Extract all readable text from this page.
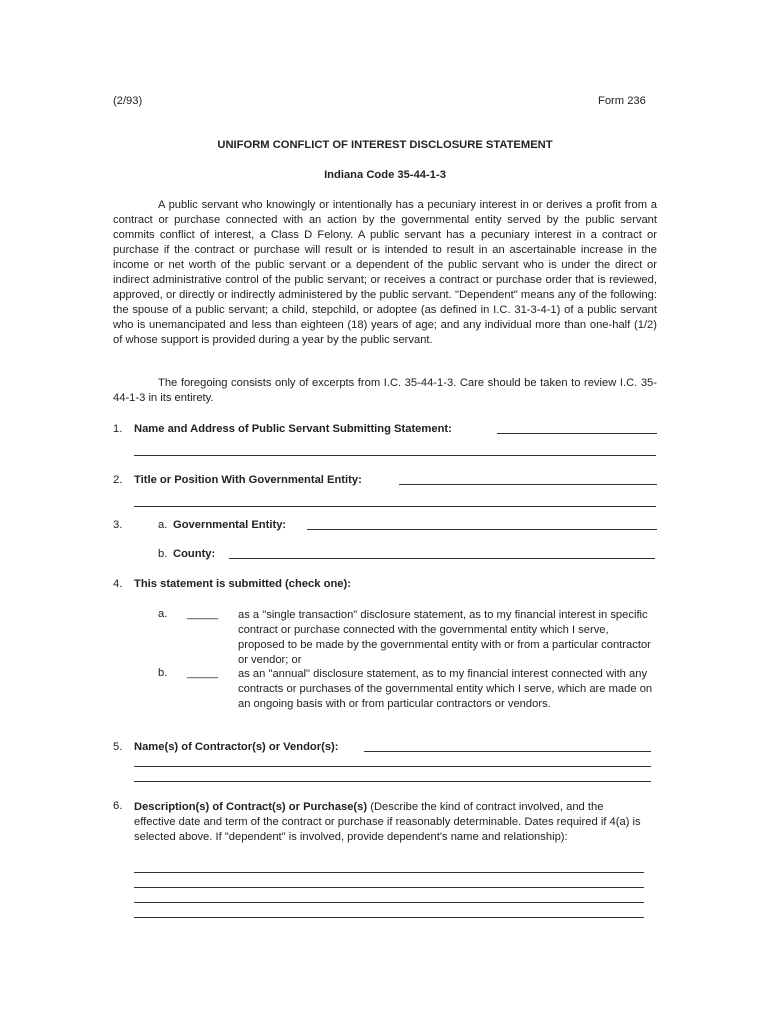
(2/93)	Form 236
UNIFORM CONFLICT OF INTEREST DISCLOSURE STATEMENT
Indiana Code 35-44-1-3

A public servant who knowingly or intentionally has a pecuniary interest in or derives a profit from a contract or purchase connected with an action by the governmental entity served by the public servant commits conflict of interest, a Class D Felony. A public servant has a pecuniary interest in a contract or purchase if the contract or purchase will result or is intended to result in an ascertainable increase in the income or net worth of the public servant or a dependent of the public servant who is under the direct or indirect administrative control of the public servant; or receives a contract or purchase order that is reviewed, approved, or directly or indirectly administered by the public servant. "Dependent" means any of the following: the spouse of a public servant; a child, stepchild, or adoptee (as defined in I.C. 31-3-4-1) of a public servant who is unemancipated and less than eighteen (18) years of age; and any individual more than one-half (1/2) of whose support is provided during a year by the public servant.

The foregoing consists only of excerpts from I.C. 35-44-1-3. Care should be taken to review I.C. 35-44-1-3 in its entirety.

1. Name and Address of Public Servant Submitting Statement:
2. Title or Position With Governmental Entity:
3.	a. Governmental Entity:
b. County:
4. This statement is submitted (check one):
a. _____ as a "single transaction" disclosure statement, as to my financial interest in specific contract or purchase connected with the governmental entity which I serve, proposed to be made by the governmental entity with or from a particular contractor or vendor; or
b. _____ as an "annual" disclosure statement, as to my financial interest connected with any contracts or purchases of the governmental entity which I serve, which are made on an ongoing basis with or from particular contractors or vendors.
5. Name(s) of Contractor(s) or Vendor(s):
6. Description(s) of Contract(s) or Purchase(s) (Describe the kind of contract involved, and the effective date and term of the contract or purchase if reasonably determinable. Dates required if 4(a) is selected above. If "dependent" is involved, provide dependent's name and relationship):
